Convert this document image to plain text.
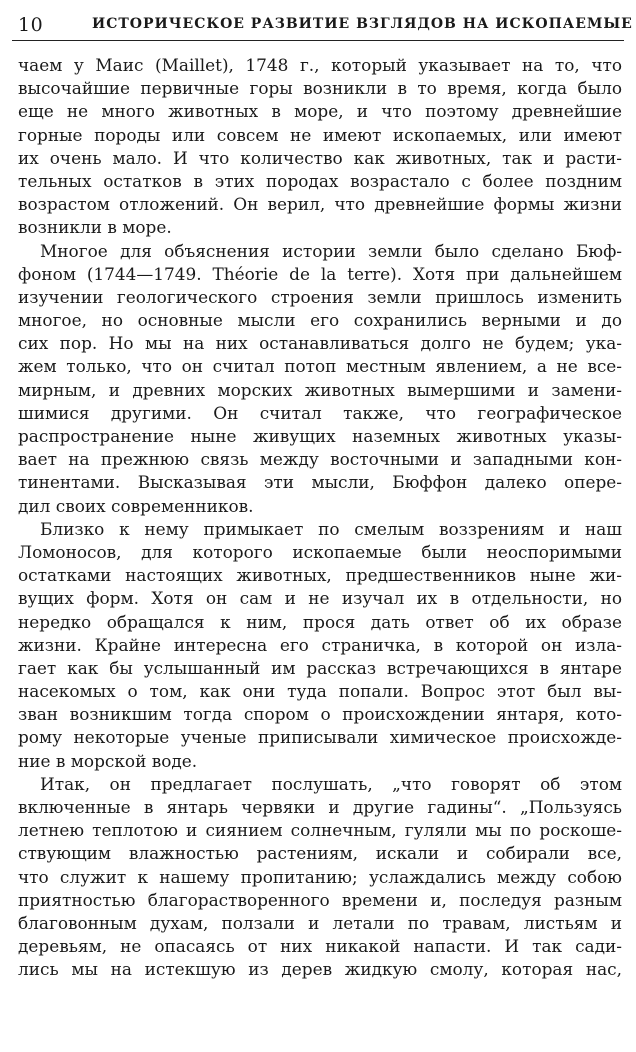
10	ИСТОРИЧЕСКОЕ РАЗВИТИЕ ВЗГЛЯДОВ НА ИСКОПАЕМЫЕ
чаем у Маис (Maillet), 1748 г., который указывает на то, что
высочайшие первичные горы возникли в то время, когда было
еще не много животных в море, и что поэтому древнейшие
горные породы или совсем не имеют ископаемых, или имеют
их очень мало. И что количество как животных, так и расти-
тельных остатков в этих породах возрастало с более поздним
возрастом отложений. Он верил, что древнейшие формы жизни
возникли в море.
Многое для объяснения истории земли было сделано Бюф-
фоном (1744—1749. Théorie de la terre). Хотя при дальнейшем
изучении геологического строения земли пришлось изменить
многое, но основные мысли его сохранились верными и до
сих пор. Но мы на них останавливаться долго не будем; ука-
жем только, что он считал потоп местным явлением, а не все-
мирным, и древних морских животных вымершими и замени-
шимися другими. Он считал также, что географическое
распространение ныне живущих наземных животных указы-
вает на прежнюю связь между восточными и западными кон-
тинентами. Высказывая эти мысли, Бюффон далеко опере-
дил своих современников.
Близко к нему примыкает по смелым воззрениям и наш
Ломоносов, для которого ископаемые были неоспоримыми
остатками настоящих животных, предшественников ныне жи-
вущих форм. Хотя он сам и не изучал их в отдельности, но
нередко обращался к ним, прося дать ответ об их образе
жизни. Крайне интересна его страничка, в которой он изла-
гает как бы услышанный им рассказ встречающихся в янтаре
насекомых о том, как они туда попали. Вопрос этот был вы-
зван возникшим тогда спором о происхождении янтаря, кото-
рому некоторые ученые приписывали химическое происхожде-
ние в морской воде.
Итак, он предлагает послушать, „что говорят об этом
включенные в янтарь червяки и другие гадины“. „Пользуясь
летнею теплотою и сиянием солнечным, гуляли мы по роскоше-
ствующим влажностью растениям, искали и собирали все,
что служит к нашему пропитанию; услаждались между собою
приятностью благорастворенного времени и, последуя разным
благовонным духам, ползали и летали по травам, листьям и
деревьям, не опасаясь от них никакой напасти. И так сади-
лись мы на истекшую из дерев жидкую смолу, которая нас,
